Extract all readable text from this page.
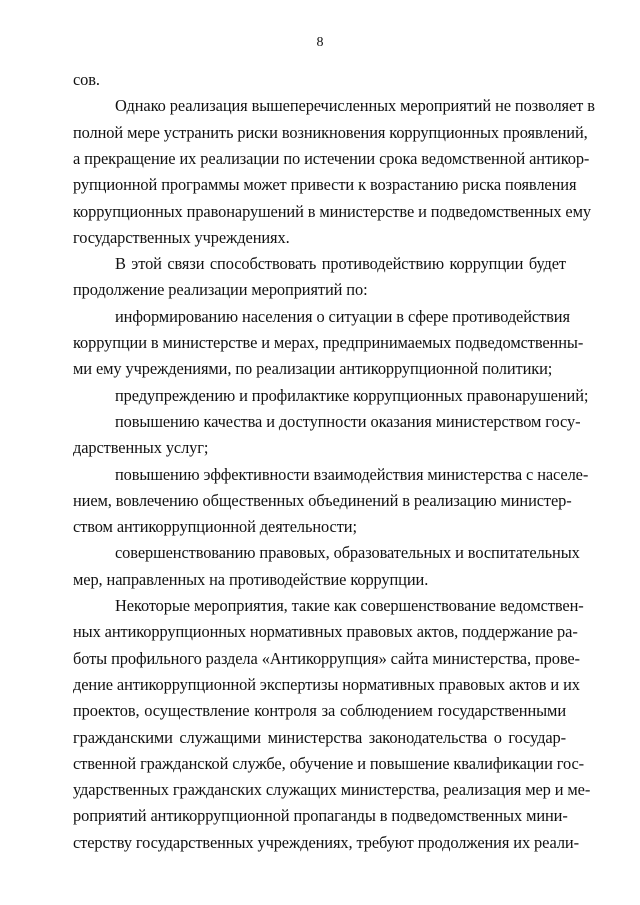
8
сов.
Однако реализация вышеперечисленных мероприятий не позволяет в
полной мере устранить риски возникновения коррупционных проявлений,
а прекращение их реализации по истечении срока ведомственной антикор-
рупционной программы может привести к возрастанию риска появления
коррупционных правонарушений в министерстве и подведомственных ему
государственных учреждениях.
В этой связи способствовать противодействию коррупции будет
продолжение реализации мероприятий по:
информированию населения о ситуации в сфере противодействия
коррупции в министерстве и мерах, предпринимаемых подведомственны-
ми ему учреждениями, по реализации антикоррупционной политики;
предупреждению и профилактике коррупционных правонарушений;
повышению качества и доступности оказания министерством госу-
дарственных услуг;
повышению эффективности взаимодействия министерства с населе-
нием, вовлечению общественных объединений в реализацию министер-
ством антикоррупционной деятельности;
совершенствованию правовых, образовательных и воспитательных
мер, направленных на противодействие коррупции.
Некоторые мероприятия, такие как совершенствование ведомствен-
ных антикоррупционных нормативных правовых актов, поддержание ра-
боты профильного раздела «Антикоррупция» сайта министерства, прове-
дение антикоррупционной экспертизы нормативных правовых актов и их
проектов, осуществление контроля за соблюдением государственными
гражданскими служащими министерства законодательства о государ-
ственной гражданской службе, обучение и повышение квалификации гос-
ударственных гражданских служащих министерства, реализация мер и ме-
роприятий антикоррупционной пропаганды в подведомственных мини-
стерству государственных учреждениях, требуют продолжения их реали-
